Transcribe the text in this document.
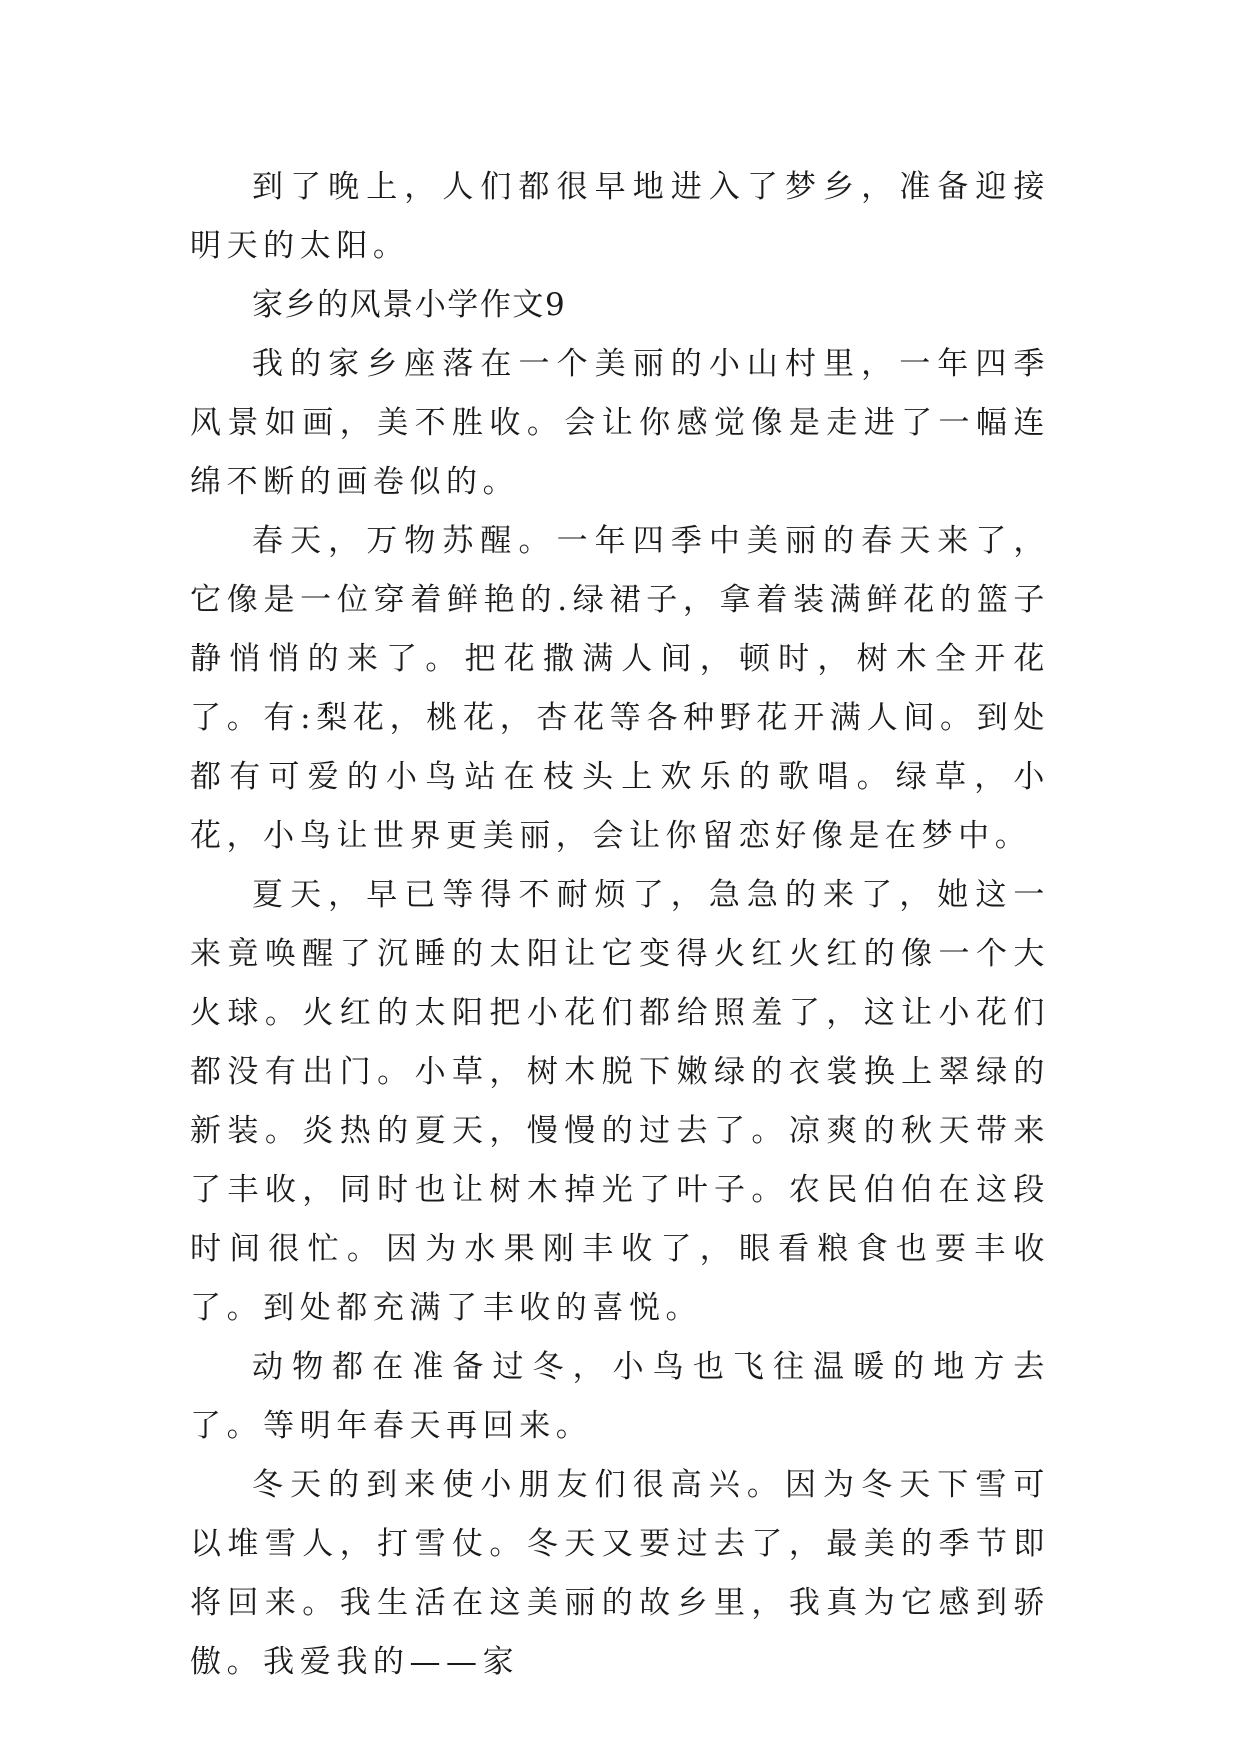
到了晚上，人们都很早地进入了梦乡，准备迎接明天的太阳。

家乡的风景小学作文9

我的家乡座落在一个美丽的小山村里，一年四季风景如画，美不胜收。会让你感觉像是走进了一幅连绵不断的画卷似的。

春天，万物苏醒。一年四季中美丽的春天来了，它像是一位穿着鲜艳的.绿裙子，拿着装满鲜花的篮子静悄悄的来了。把花撒满人间，顿时，树木全开花了。有:梨花，桃花，杏花等各种野花开满人间。到处都有可爱的小鸟站在枝头上欢乐的歌唱。绿草，小花，小鸟让世界更美丽，会让你留恋好像是在梦中。

夏天，早已等得不耐烦了，急急的来了，她这一来竟唤醒了沉睡的太阳让它变得火红火红的像一个大火球。火红的太阳把小花们都给照羞了，这让小花们都没有出门。小草，树木脱下嫩绿的衣裳换上翠绿的新装。炎热的夏天，慢慢的过去了。凉爽的秋天带来了丰收，同时也让树木掉光了叶子。农民伯伯在这段时间很忙。因为水果刚丰收了，眼看粮食也要丰收了。到处都充满了丰收的喜悦。

动物都在准备过冬，小鸟也飞往温暖的地方去了。等明年春天再回来。

冬天的到来使小朋友们很高兴。因为冬天下雪可以堆雪人，打雪仗。冬天又要过去了，最美的季节即将回来。我生活在这美丽的故乡里，我真为它感到骄傲。我爱我的——家
